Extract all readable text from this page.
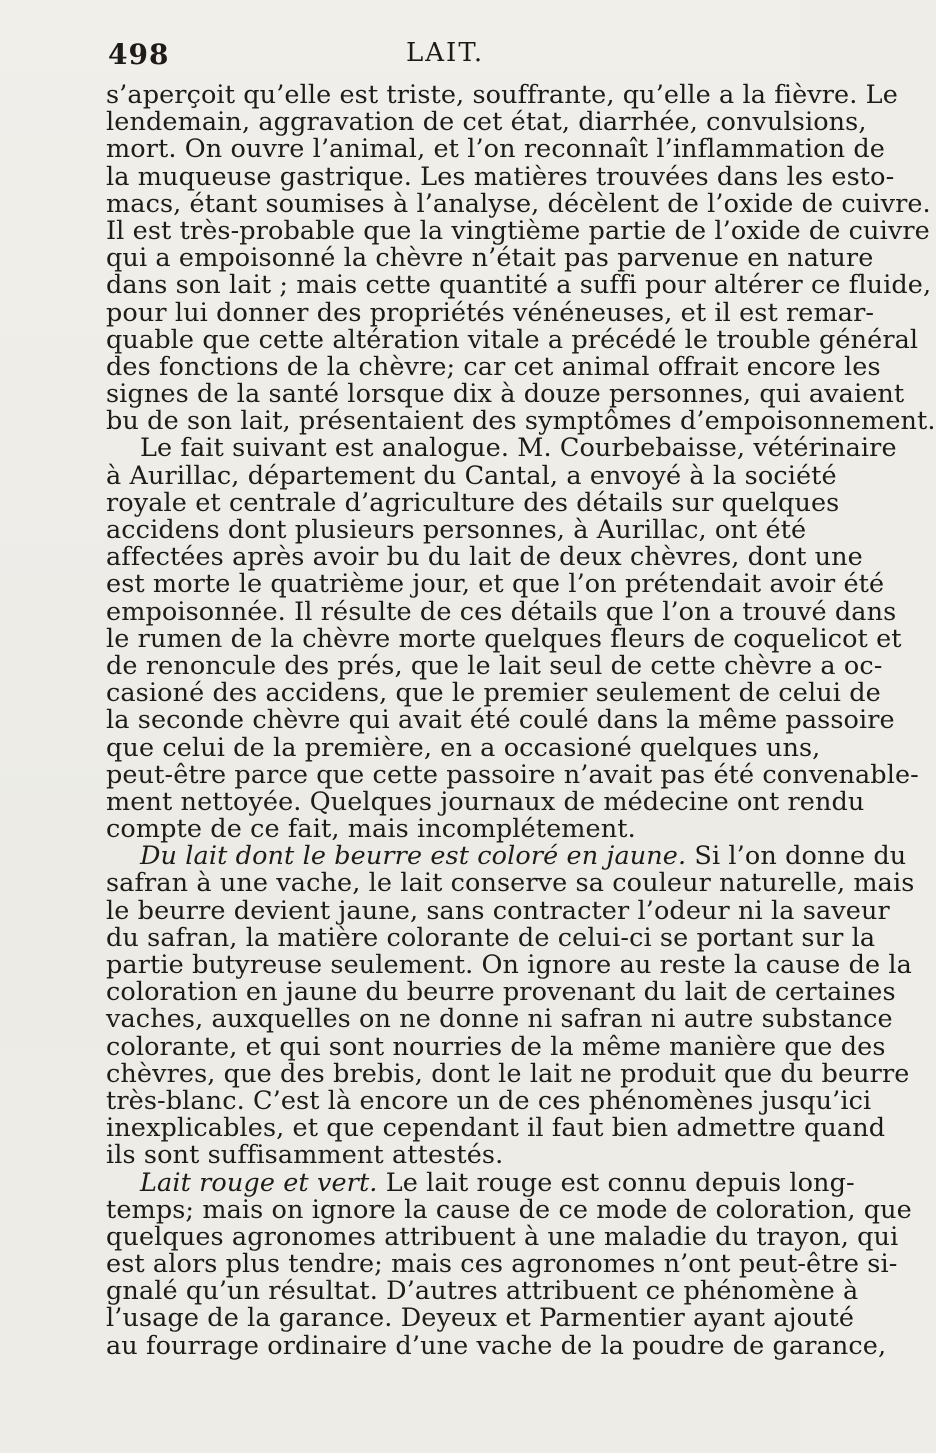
498	LAIT.
s’aperçoit qu’elle est triste, souffrante, qu’elle a la fièvre. Le
lendemain, aggravation de cet état, diarrhée, convulsions,
mort. On ouvre l’animal, et l’on reconnaît l’inflammation de
la muqueuse gastrique. Les matières trouvées dans les esto-
macs, étant soumises à l’analyse, décèlent de l’oxide de cuivre.
Il est très-probable que la vingtième partie de l’oxide de cuivre
qui a empoisonné la chèvre n’était pas parvenue en nature
dans son lait ; mais cette quantité a suffi pour altérer ce fluide,
pour lui donner des propriétés vénéneuses, et il est remar-
quable que cette altération vitale a précédé le trouble général
des fonctions de la chèvre; car cet animal offrait encore les
signes de la santé lorsque dix à douze personnes, qui avaient
bu de son lait, présentaient des symptômes d’empoisonnement.
Le fait suivant est analogue. M. Courbebaisse, vétérinaire
à Aurillac, département du Cantal, a envoyé à la société
royale et centrale d’agriculture des détails sur quelques
accidens dont plusieurs personnes, à Aurillac, ont été
affectées après avoir bu du lait de deux chèvres, dont une
est morte le quatrième jour, et que l’on prétendait avoir été
empoisonnée. Il résulte de ces détails que l’on a trouvé dans
le rumen de la chèvre morte quelques fleurs de coquelicot et
de renoncule des prés, que le lait seul de cette chèvre a oc-
casioné des accidens, que le premier seulement de celui de
la seconde chèvre qui avait été coulé dans la même passoire
que celui de la première, en a occasioné quelques uns,
peut-être parce que cette passoire n’avait pas été convenable-
ment nettoyée. Quelques journaux de médecine ont rendu
compte de ce fait, mais incomplétement.
Du lait dont le beurre est coloré en jaune. Si l’on donne du
safran à une vache, le lait conserve sa couleur naturelle, mais
le beurre devient jaune, sans contracter l’odeur ni la saveur
du safran, la matière colorante de celui-ci se portant sur la
partie butyreuse seulement. On ignore au reste la cause de la
coloration en jaune du beurre provenant du lait de certaines
vaches, auxquelles on ne donne ni safran ni autre substance
colorante, et qui sont nourries de la même manière que des
chèvres, que des brebis, dont le lait ne produit que du beurre
très-blanc. C’est là encore un de ces phénomènes jusqu’ici
inexplicables, et que cependant il faut bien admettre quand
ils sont suffisamment attestés.
Lait rouge et vert. Le lait rouge est connu depuis long-
temps; mais on ignore la cause de ce mode de coloration, que
quelques agronomes attribuent à une maladie du trayon, qui
est alors plus tendre; mais ces agronomes n’ont peut-être si-
gnalé qu’un résultat. D’autres attribuent ce phénomène à
l’usage de la garance. Deyeux et Parmentier ayant ajouté
au fourrage ordinaire d’une vache de la poudre de garance,
